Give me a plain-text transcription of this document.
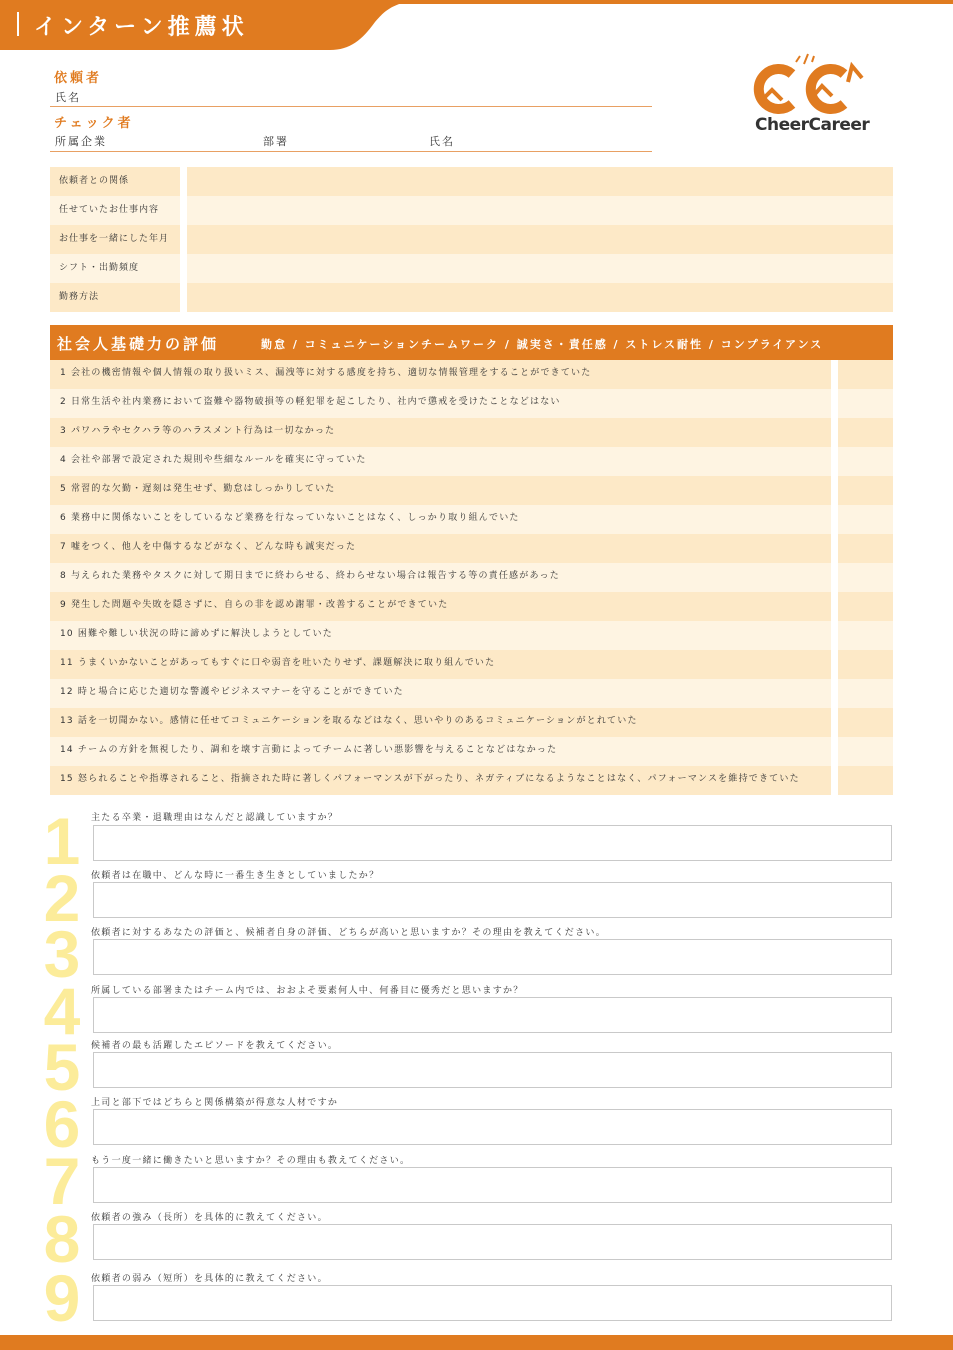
インターン推薦状
依頼者
氏名
チェック者
所属企業	部署	氏名
CheerCareer
依頼者との関係
任せていたお仕事内容
お仕事を一緒にした年月
シフト・出勤頻度
勤務方法
社会人基礎力の評価	勤怠 / コミュニケーションチームワーク / 誠実さ・責任感 / ストレス耐性 / コンプライアンス
1 会社の機密情報や個人情報の取り扱いミス、漏洩等に対する感度を持ち、適切な情報管理をすることができていた
2 日常生活や社内業務において盗難や器物破損等の軽犯罪を起こしたり、社内で懲戒を受けたことなどはない
3 パワハラやセクハラ等のハラスメント行為は一切なかった
4 会社や部署で設定された規則や些細なルールを確実に守っていた
5 常習的な欠勤・遅刻は発生せず、勤怠はしっかりしていた
6 業務中に関係ないことをしているなど業務を行なっていないことはなく、しっかり取り組んでいた
7 嘘をつく、他人を中傷するなどがなく、どんな時も誠実だった
8 与えられた業務やタスクに対して期日までに終わらせる、終わらせない場合は報告する等の責任感があった
9 発生した問題や失敗を隠さずに、自らの非を認め謝罪・改善することができていた
10 困難や難しい状況の時に諦めずに解決しようとしていた
11 うまくいかないことがあってもすぐに口や弱音を吐いたりせず、課題解決に取り組んでいた
12 時と場合に応じた適切な警護やビジネスマナーを守ることができていた
13 話を一切聞かない。感情に任せてコミュニケーションを取るなどはなく、思いやりのあるコミュニケーションがとれていた
14 チームの方針を無視したり、調和を壊す言動によってチームに著しい悪影響を与えることなどはなかった
15 怒られることや指導されること、指摘された時に著しくパフォーマンスが下がったり、ネガティブになるようなことはなく、パフォーマンスを維持できていた
1	主たる卒業・退職理由はなんだと認識していますか？
2	依頼者は在職中、どんな時に一番生き生きとしていましたか？
3	依頼者に対するあなたの評価と、候補者自身の評価、どちらが高いと思いますか？その理由を教えてください。
4	所属している部署またはチーム内では、おおよそ要素何人中、何番目に優秀だと思いますか？
5	候補者の最も活躍したエピソードを教えてください。
6	上司と部下ではどちらと関係構築が得意な人材ですか
7	もう一度一緒に働きたいと思いますか？その理由も教えてください。
8	依頼者の強み（長所）を具体的に教えてください。
9	依頼者の弱み（短所）を具体的に教えてください。
